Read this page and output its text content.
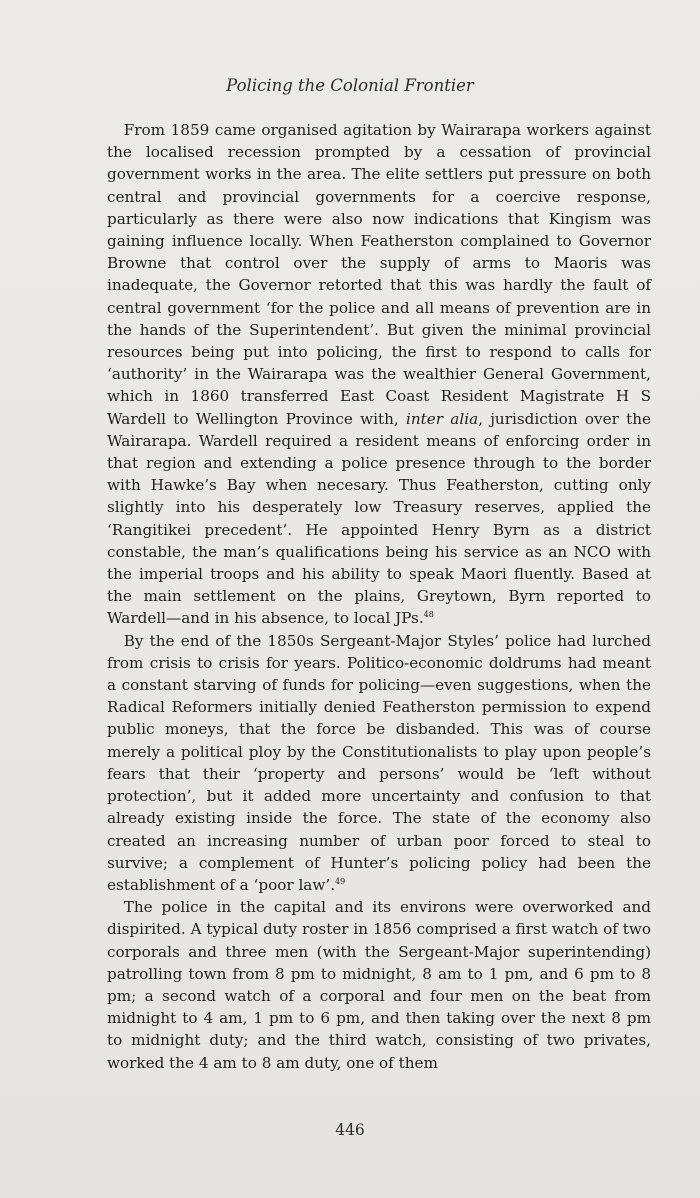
Policing the Colonial Frontier

From 1859 came organised agitation by Wairarapa workers against the localised recession prompted by a cessation of provincial government works in the area. The elite settlers put pressure on both central and provincial governments for a coercive response, particularly as there were also now indications that Kingism was gaining influence locally. When Featherston complained to Governor Browne that control over the supply of arms to Maoris was inadequate, the Governor retorted that this was hardly the fault of central government ‘for the police and all means of prevention are in the hands of the Superintendent’. But given the minimal provincial resources being put into policing, the first to respond to calls for ‘authority’ in the Wairarapa was the wealthier General Government, which in 1860 transferred East Coast Resident Magistrate H S Wardell to Wellington Province with, inter alia, jurisdiction over the Wairarapa. Wardell required a resident means of enforcing order in that region and extending a police presence through to the border with Hawke’s Bay when necesary. Thus Featherston, cutting only slightly into his desperately low Treasury reserves, applied the ‘Rangitikei precedent’. He appointed Henry Byrn as a district constable, the man’s qualifications being his service as an NCO with the imperial troops and his ability to speak Maori fluently. Based at the main settlement on the plains, Greytown, Byrn reported to Wardell—and in his absence, to local JPs.$^{48}$

By the end of the 1850s Sergeant-Major Styles’ police had lurched from crisis to crisis for years. Politico-economic doldrums had meant a constant starving of funds for policing—even suggestions, when the Radical Reformers initially denied Featherston permission to expend public moneys, that the force be disbanded. This was of course merely a political ploy by the Constitutionalists to play upon people’s fears that their ‘property and persons’ would be ‘left without protection’, but it added more uncertainty and confusion to that already existing inside the force. The state of the economy also created an increasing number of urban poor forced to steal to survive; a complement of Hunter’s policing policy had been the establishment of a ‘poor law’.$^{49}$

The police in the capital and its environs were overworked and dispirited. A typical duty roster in 1856 comprised a first watch of two corporals and three men (with the Sergeant-Major superintending) patrolling town from 8 pm to midnight, 8 am to 1 pm, and 6 pm to 8 pm; a second watch of a corporal and four men on the beat from midnight to 4 am, 1 pm to 6 pm, and then taking over the next 8 pm to midnight duty; and the third watch, consisting of two privates, worked the 4 am to 8 am duty, one of them

446
